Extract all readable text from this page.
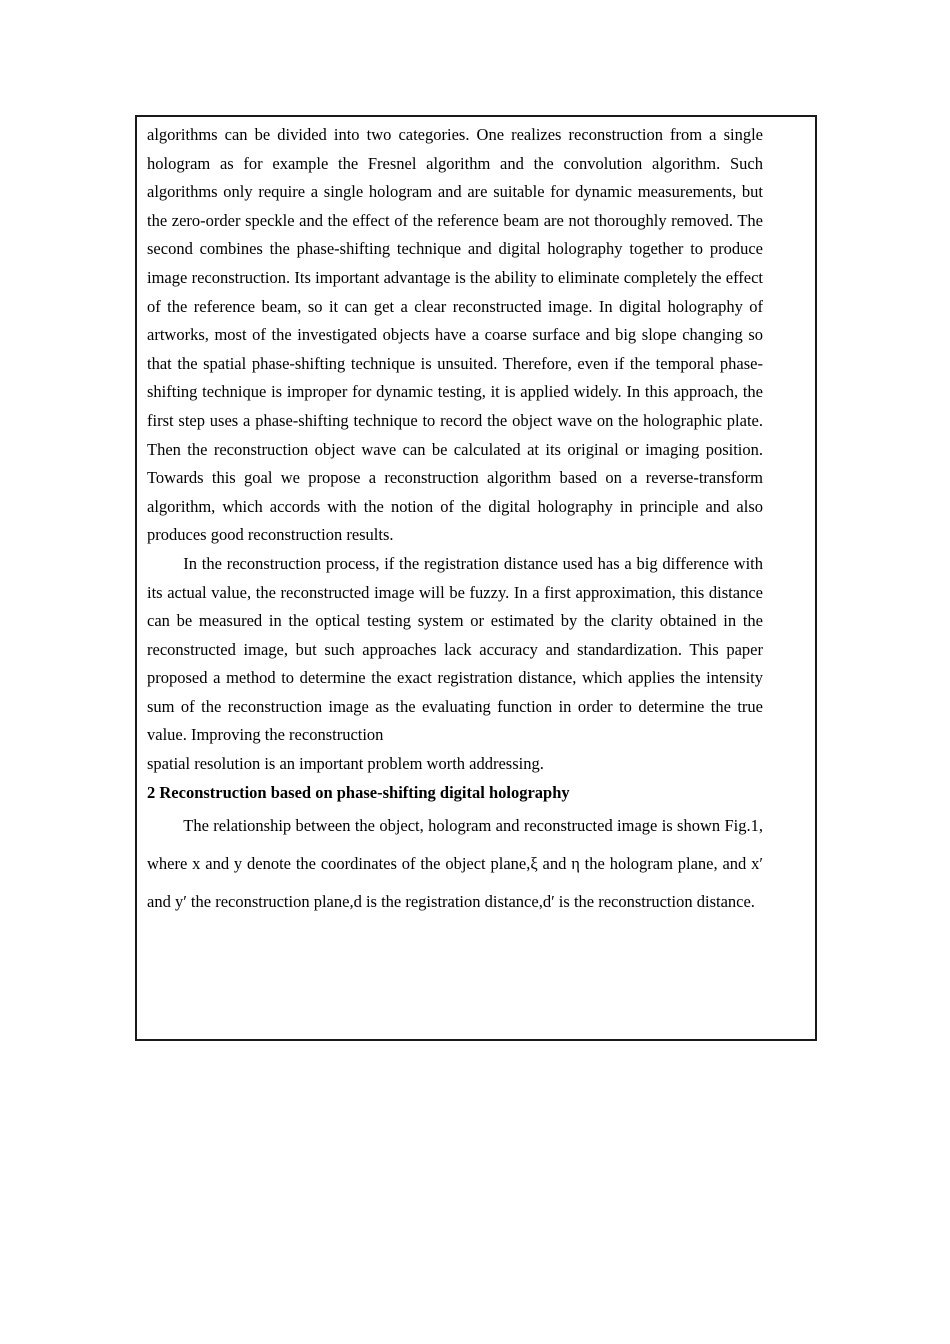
algorithms can be divided into two categories. One realizes reconstruction from a single hologram as for example the Fresnel algorithm and the convolution algorithm. Such algorithms only require a single hologram and are suitable for dynamic measurements, but the zero-order speckle and the effect of the reference beam are not thoroughly removed. The second combines the phase-shifting technique and digital holography together to produce image reconstruction. Its important advantage is the ability to eliminate completely the effect of the reference beam, so it can get a clear reconstructed image. In digital holography of artworks, most of the investigated objects have a coarse surface and big slope changing so that the spatial phase-shifting technique is unsuited. Therefore, even if the temporal phase-shifting technique is improper for dynamic testing, it is applied widely. In this approach, the first step uses a phase-shifting technique to record the object wave on the holographic plate. Then the reconstruction object wave can be calculated at its original or imaging position. Towards this goal we propose a reconstruction algorithm based on a reverse-transform algorithm, which accords with the notion of the digital holography in principle and also produces good reconstruction results.

In the reconstruction process, if the registration distance used has a big difference with its actual value, the reconstructed image will be fuzzy. In a first approximation, this distance can be measured in the optical testing system or estimated by the clarity obtained in the reconstructed image, but such approaches lack accuracy and standardization. This paper proposed a method to determine the exact registration distance, which applies the intensity sum of the reconstruction image as the evaluating function in order to determine the true value. Improving the reconstruction

spatial resolution is an important problem worth addressing.

2 Reconstruction based on phase-shifting digital holography

The relationship between the object, hologram and reconstructed image is shown Fig.1, where x and y denote the coordinates of the object plane,ξ and η the hologram plane, and x′ and y′ the reconstruction plane,d is the registration distance,d′ is the reconstruction distance.
